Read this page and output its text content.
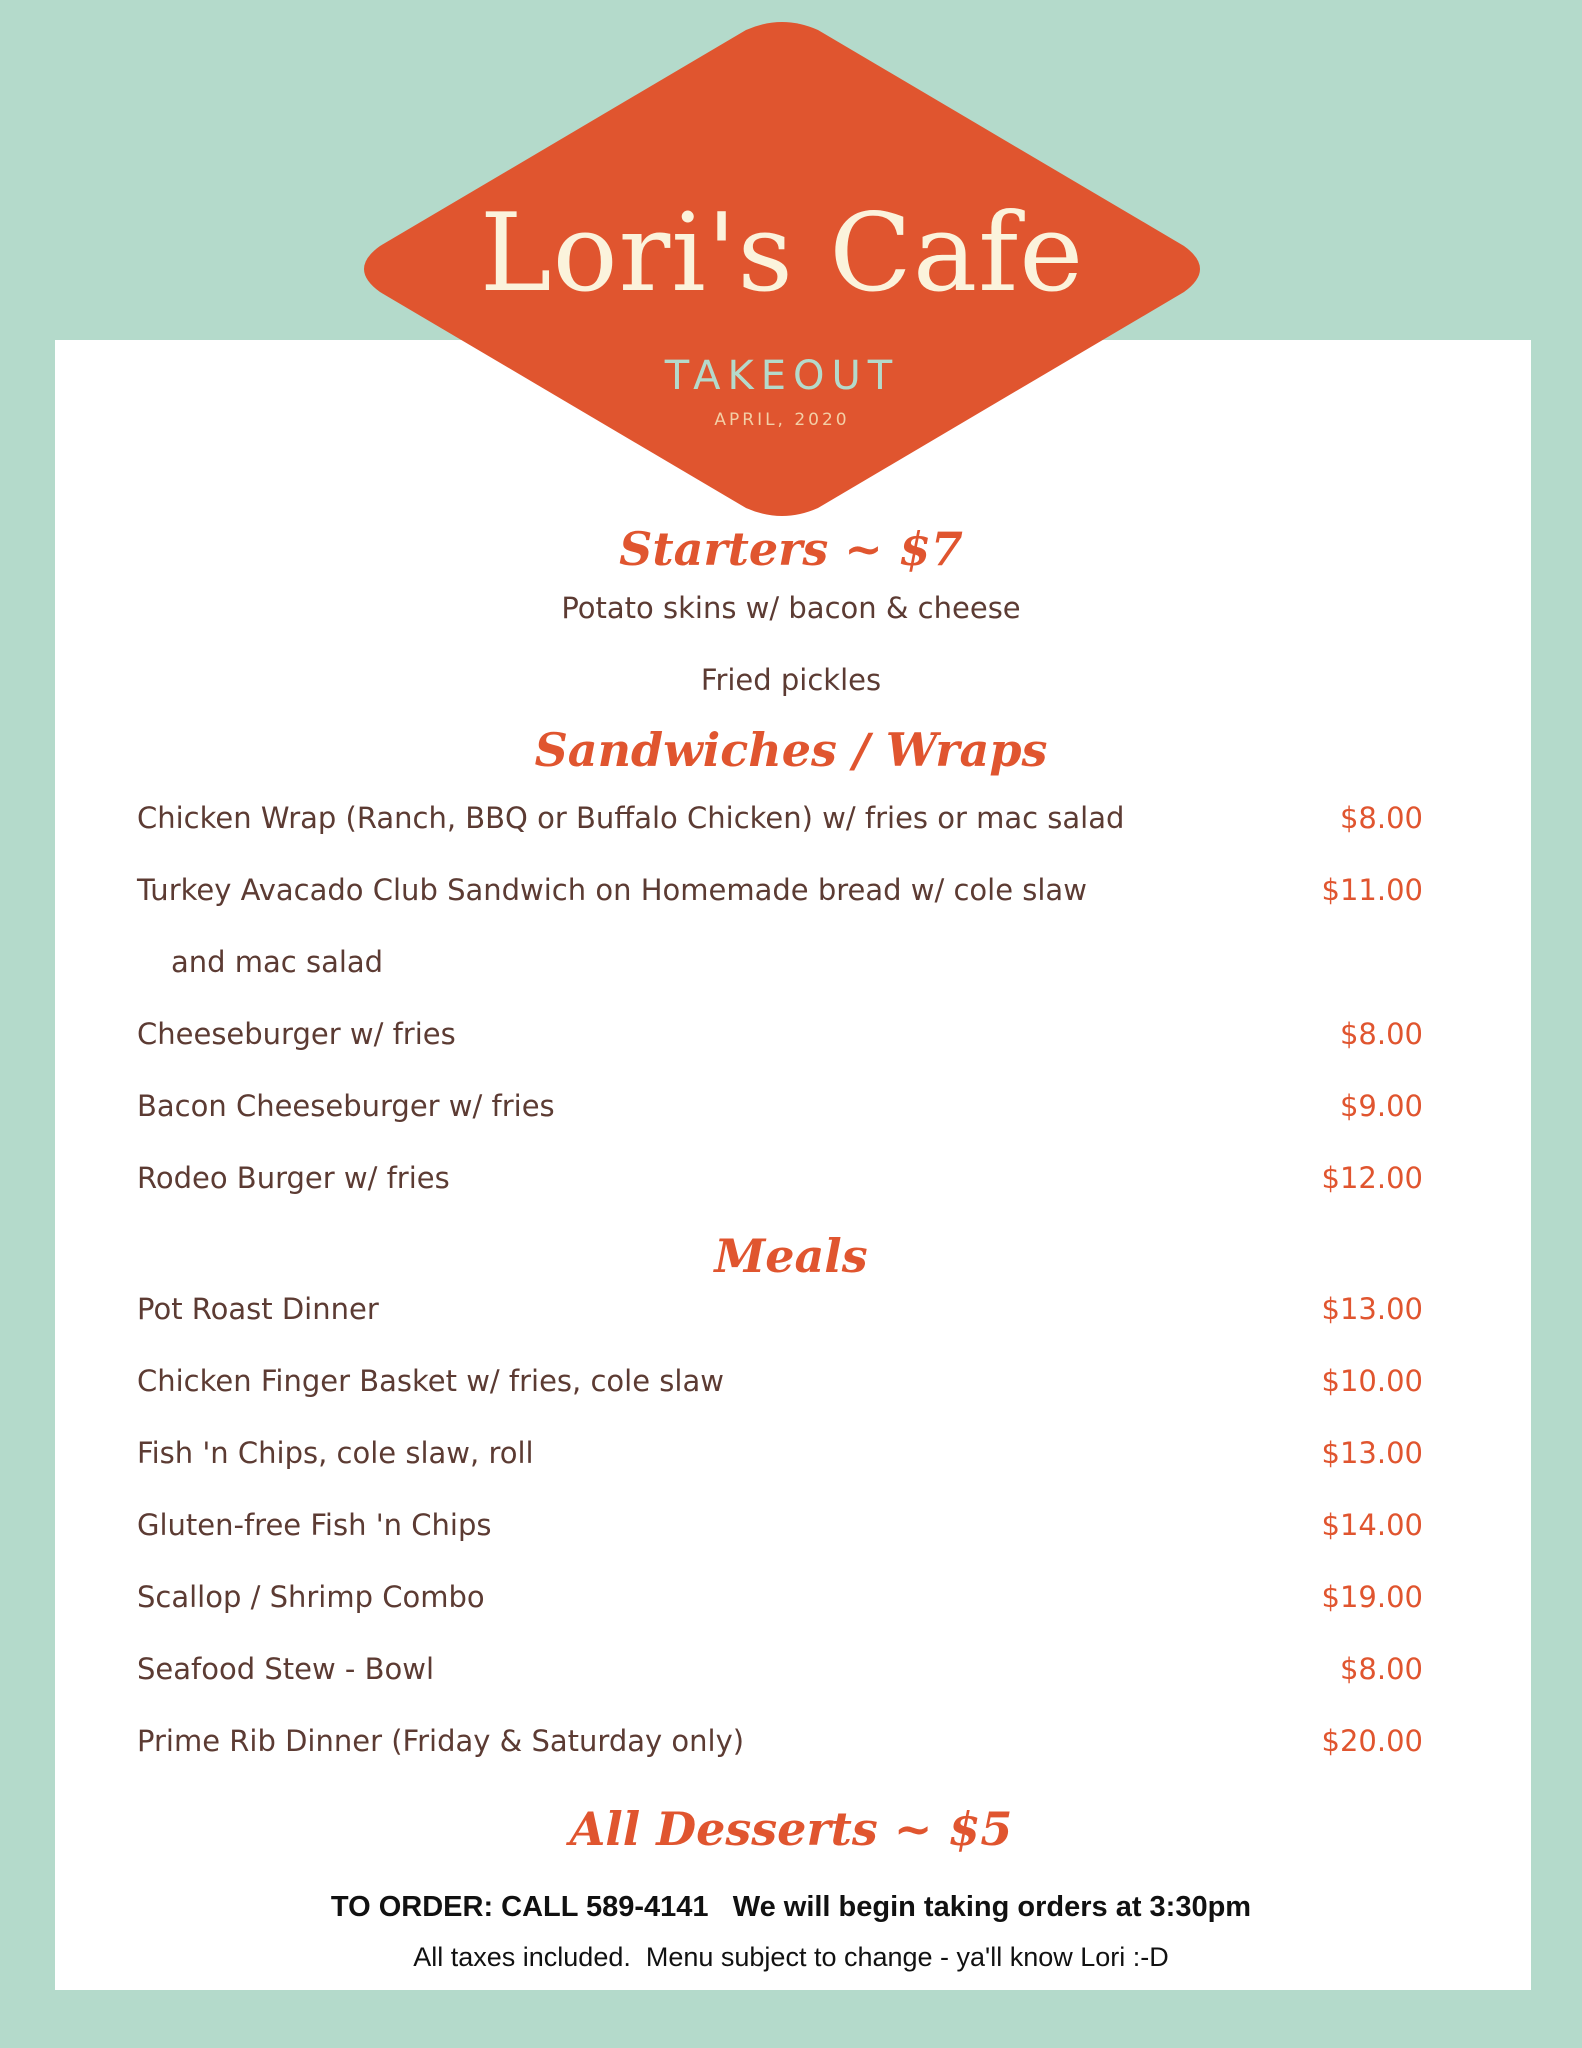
Lori's Cafe
TAKEOUT
APRIL, 2020
Starters ~ $7
Potato skins w/ bacon & cheese
Fried pickles
Sandwiches / Wraps
Chicken Wrap (Ranch, BBQ or Buffalo Chicken) w/ fries or mac salad	$8.00
Turkey Avacado Club Sandwich on Homemade bread w/ cole slaw	$11.00
and mac salad
Cheeseburger w/ fries	$8.00
Bacon Cheeseburger w/ fries	$9.00
Rodeo Burger w/ fries	$12.00
Meals
Pot Roast Dinner	$13.00
Chicken Finger Basket w/ fries, cole slaw	$10.00
Fish 'n Chips, cole slaw, roll	$13.00
Gluten-free Fish 'n Chips	$14.00
Scallop / Shrimp Combo	$19.00
Seafood Stew - Bowl	$8.00
Prime Rib Dinner (Friday & Saturday only)	$20.00
All Desserts ~ $5
TO ORDER: CALL 589-4141   We will begin taking orders at 3:30pm
All taxes included.  Menu subject to change - ya'll know Lori :-D
